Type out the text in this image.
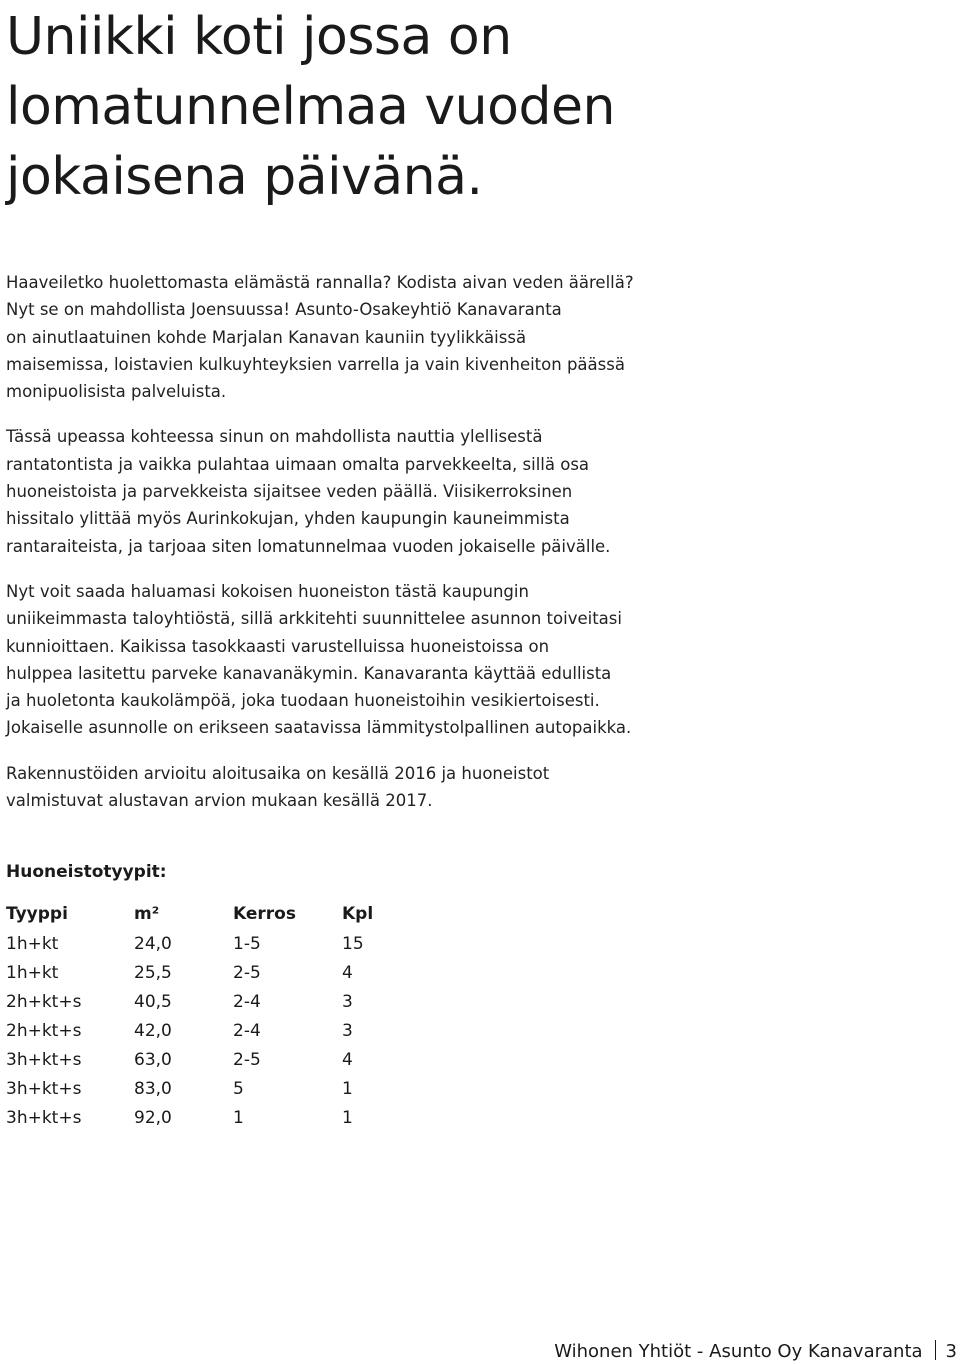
Uniikki koti jossa on
lomatunnelmaa vuoden
jokaisena päivänä.

Haaveiletko huolettomasta elämästä rannalla? Kodista aivan veden äärellä?
Nyt se on mahdollista Joensuussa! Asunto-Osakeyhtiö Kanavaranta
on ainutlaatuinen kohde Marjalan Kanavan kauniin tyylikkäissä
maisemissa, loistavien kulkuyhteyksien varrella ja vain kivenheiton päässä
monipuolisista palveluista.

Tässä upeassa kohteessa sinun on mahdollista nauttia ylellisestä
rantatontista ja vaikka pulahtaa uimaan omalta parvekkeelta, sillä osa
huoneistoista ja parvekkeista sijaitsee veden päällä. Viisikerroksinen
hissitalo ylittää myös Aurinkokujan, yhden kaupungin kauneimmista
rantaraiteista, ja tarjoaa siten lomatunnelmaa vuoden jokaiselle päivälle.

Nyt voit saada haluamasi kokoisen huoneiston tästä kaupungin
uniikeimmasta taloyhtiöstä, sillä arkkitehti suunnittelee asunnon toiveitasi
kunnioittaen. Kaikissa tasokkaasti varustelluissa huoneistoissa on
hulppea lasitettu parveke kanavanäkymin. Kanavaranta käyttää edullista
ja huoletonta kaukolämpöä, joka tuodaan huoneistoihin vesikiertoisesti.
Jokaiselle asunnolle on erikseen saatavissa lämmitystolpallinen autopaikka.

Rakennustöiden arvioitu aloitusaika on kesällä 2016 ja huoneistot
valmistuvat alustavan arvion mukaan kesällä 2017.

Huoneistotyypit:
Tyyppi	m²	Kerros	Kpl
1h+kt	24,0	1-5	15
1h+kt	25,5	2-5	4
2h+kt+s	40,5	2-4	3
2h+kt+s	42,0	2-4	3
3h+kt+s	63,0	2-5	4
3h+kt+s	83,0	5	1
3h+kt+s	92,0	1	1
Wihonen Yhtiöt - Asunto Oy Kanavaranta 3
